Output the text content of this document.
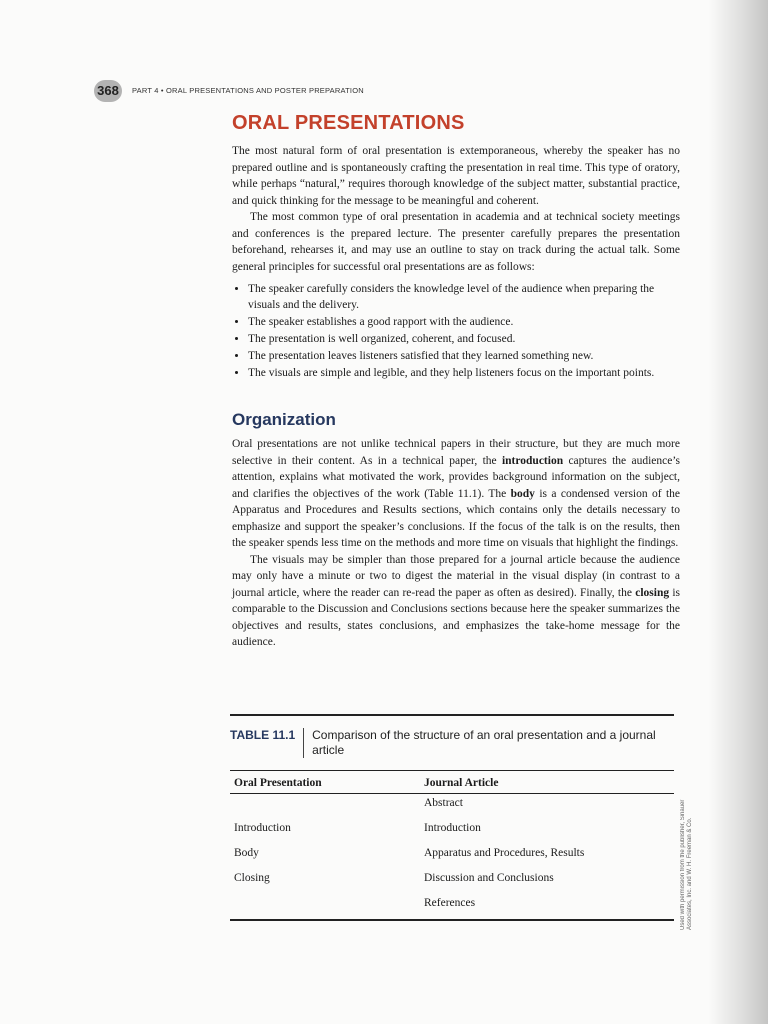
368	PART 4 • ORAL PRESENTATIONS AND POSTER PREPARATION
ORAL PRESENTATIONS

The most natural form of oral presentation is extemporaneous, whereby the speaker has no prepared outline and is spontaneously crafting the presentation in real time. This type of oratory, while perhaps “natural,” requires thorough knowledge of the subject matter, substantial practice, and quick thinking for the message to be meaningful and coherent.

The most common type of oral presentation in academia and at technical society meetings and conferences is the prepared lecture. The presenter carefully prepares the presentation beforehand, rehearses it, and may use an outline to stay on track during the actual talk. Some general principles for successful oral presentations are as follows:

• The speaker carefully considers the knowledge level of the audience when preparing the visuals and the delivery.
• The speaker establishes a good rapport with the audience.
• The presentation is well organized, coherent, and focused.
• The presentation leaves listeners satisfied that they learned something new.
• The visuals are simple and legible, and they help listeners focus on the important points.
Organization

Oral presentations are not unlike technical papers in their structure, but they are much more selective in their content. As in a technical paper, the introduction captures the audience’s attention, explains what motivated the work, provides background information on the subject, and clarifies the objectives of the work (Table 11.1). The body is a condensed version of the Apparatus and Procedures and Results sections, which contains only the details necessary to emphasize and support the speaker’s conclusions. If the focus of the talk is on the results, then the speaker spends less time on the methods and more time on visuals that highlight the findings.

The visuals may be simpler than those prepared for a journal article because the audience may only have a minute or two to digest the material in the visual display (in contrast to a journal article, where the reader can re-read the paper as often as desired). Finally, the closing is comparable to the Discussion and Conclusions sections because here the speaker summarizes the objectives and results, states conclusions, and emphasizes the take-home message for the audience.

TABLE 11.1	Comparison of the structure of an oral presentation and a journal article
Oral Presentation	Journal Article
	Abstract
Introduction	Introduction
Body	Apparatus and Procedures, Results
Closing	Discussion and Conclusions
	References	Used with permission from the publisher, Sinauer Associates, Inc. and W. H. Freeman & Co.
